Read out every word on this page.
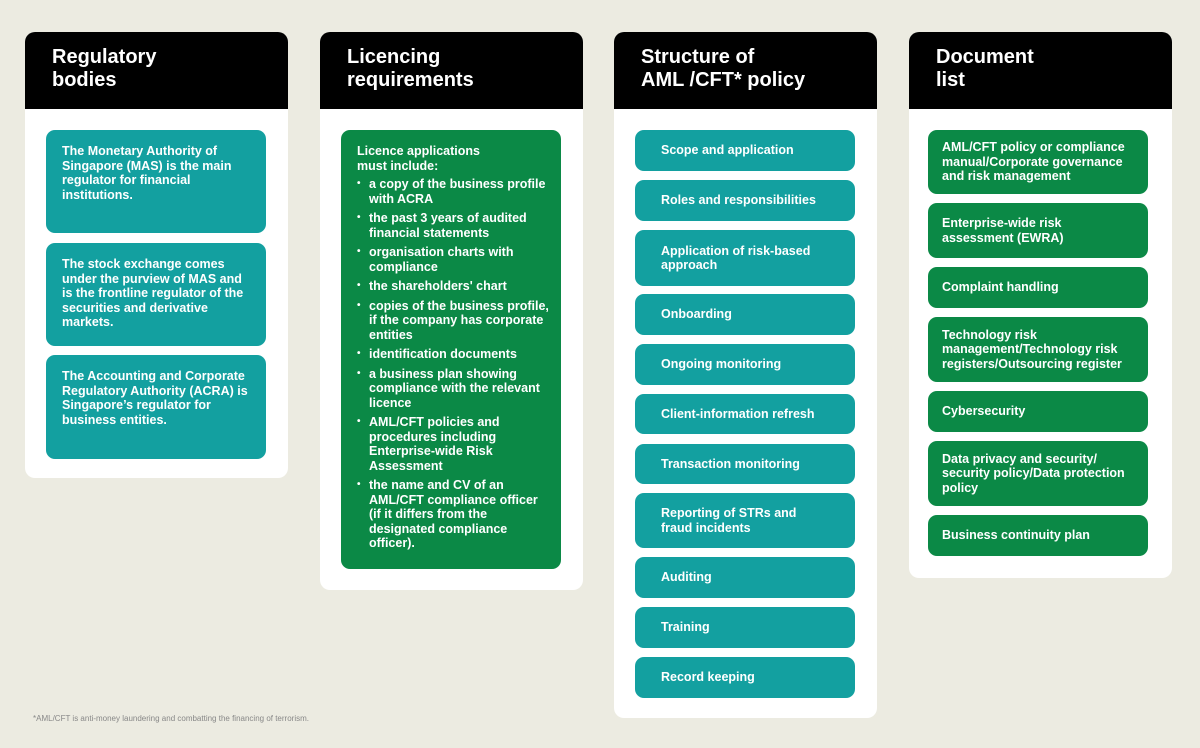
Regulatory
bodies
The Monetary Authority of Singapore (MAS) is the main regulator for financial institutions.
The stock exchange comes under the purview of MAS and is the frontline regulator of the securities and derivative markets.
The Accounting and Corporate Regulatory Authority (ACRA) is Singapore’s regulator for business entities.
Licencing
requirements
Licence applications must include:
• a copy of the business profile with ACRA
• the past 3 years of audited financial statements
• organisation charts with compliance
• the shareholders' chart
• copies of the business profile, if the company has corporate entities
• identification documents
• a business plan showing compliance with the relevant licence
• AML/CFT policies and procedures including Enterprise-wide Risk Assessment
• the name and CV of an AML/CFT compliance officer (if it differs from the designated compliance officer).
Structure of
AML /CFT* policy
Scope and application
Roles and responsibilities
Application of risk-based approach
Onboarding
Ongoing monitoring
Client-information refresh
Transaction monitoring
Reporting of STRs and fraud incidents
Auditing
Training
Record keeping
Document
list
AML/CFT policy or compliance manual/Corporate governance and risk management
Enterprise-wide risk assessment (EWRA)
Complaint handling
Technology risk management/Technology risk registers/Outsourcing register
Cybersecurity
Data privacy and security/ security policy/Data protection policy
Business continuity plan
*AML/CFT is anti-money laundering and combatting the financing of terrorism.
